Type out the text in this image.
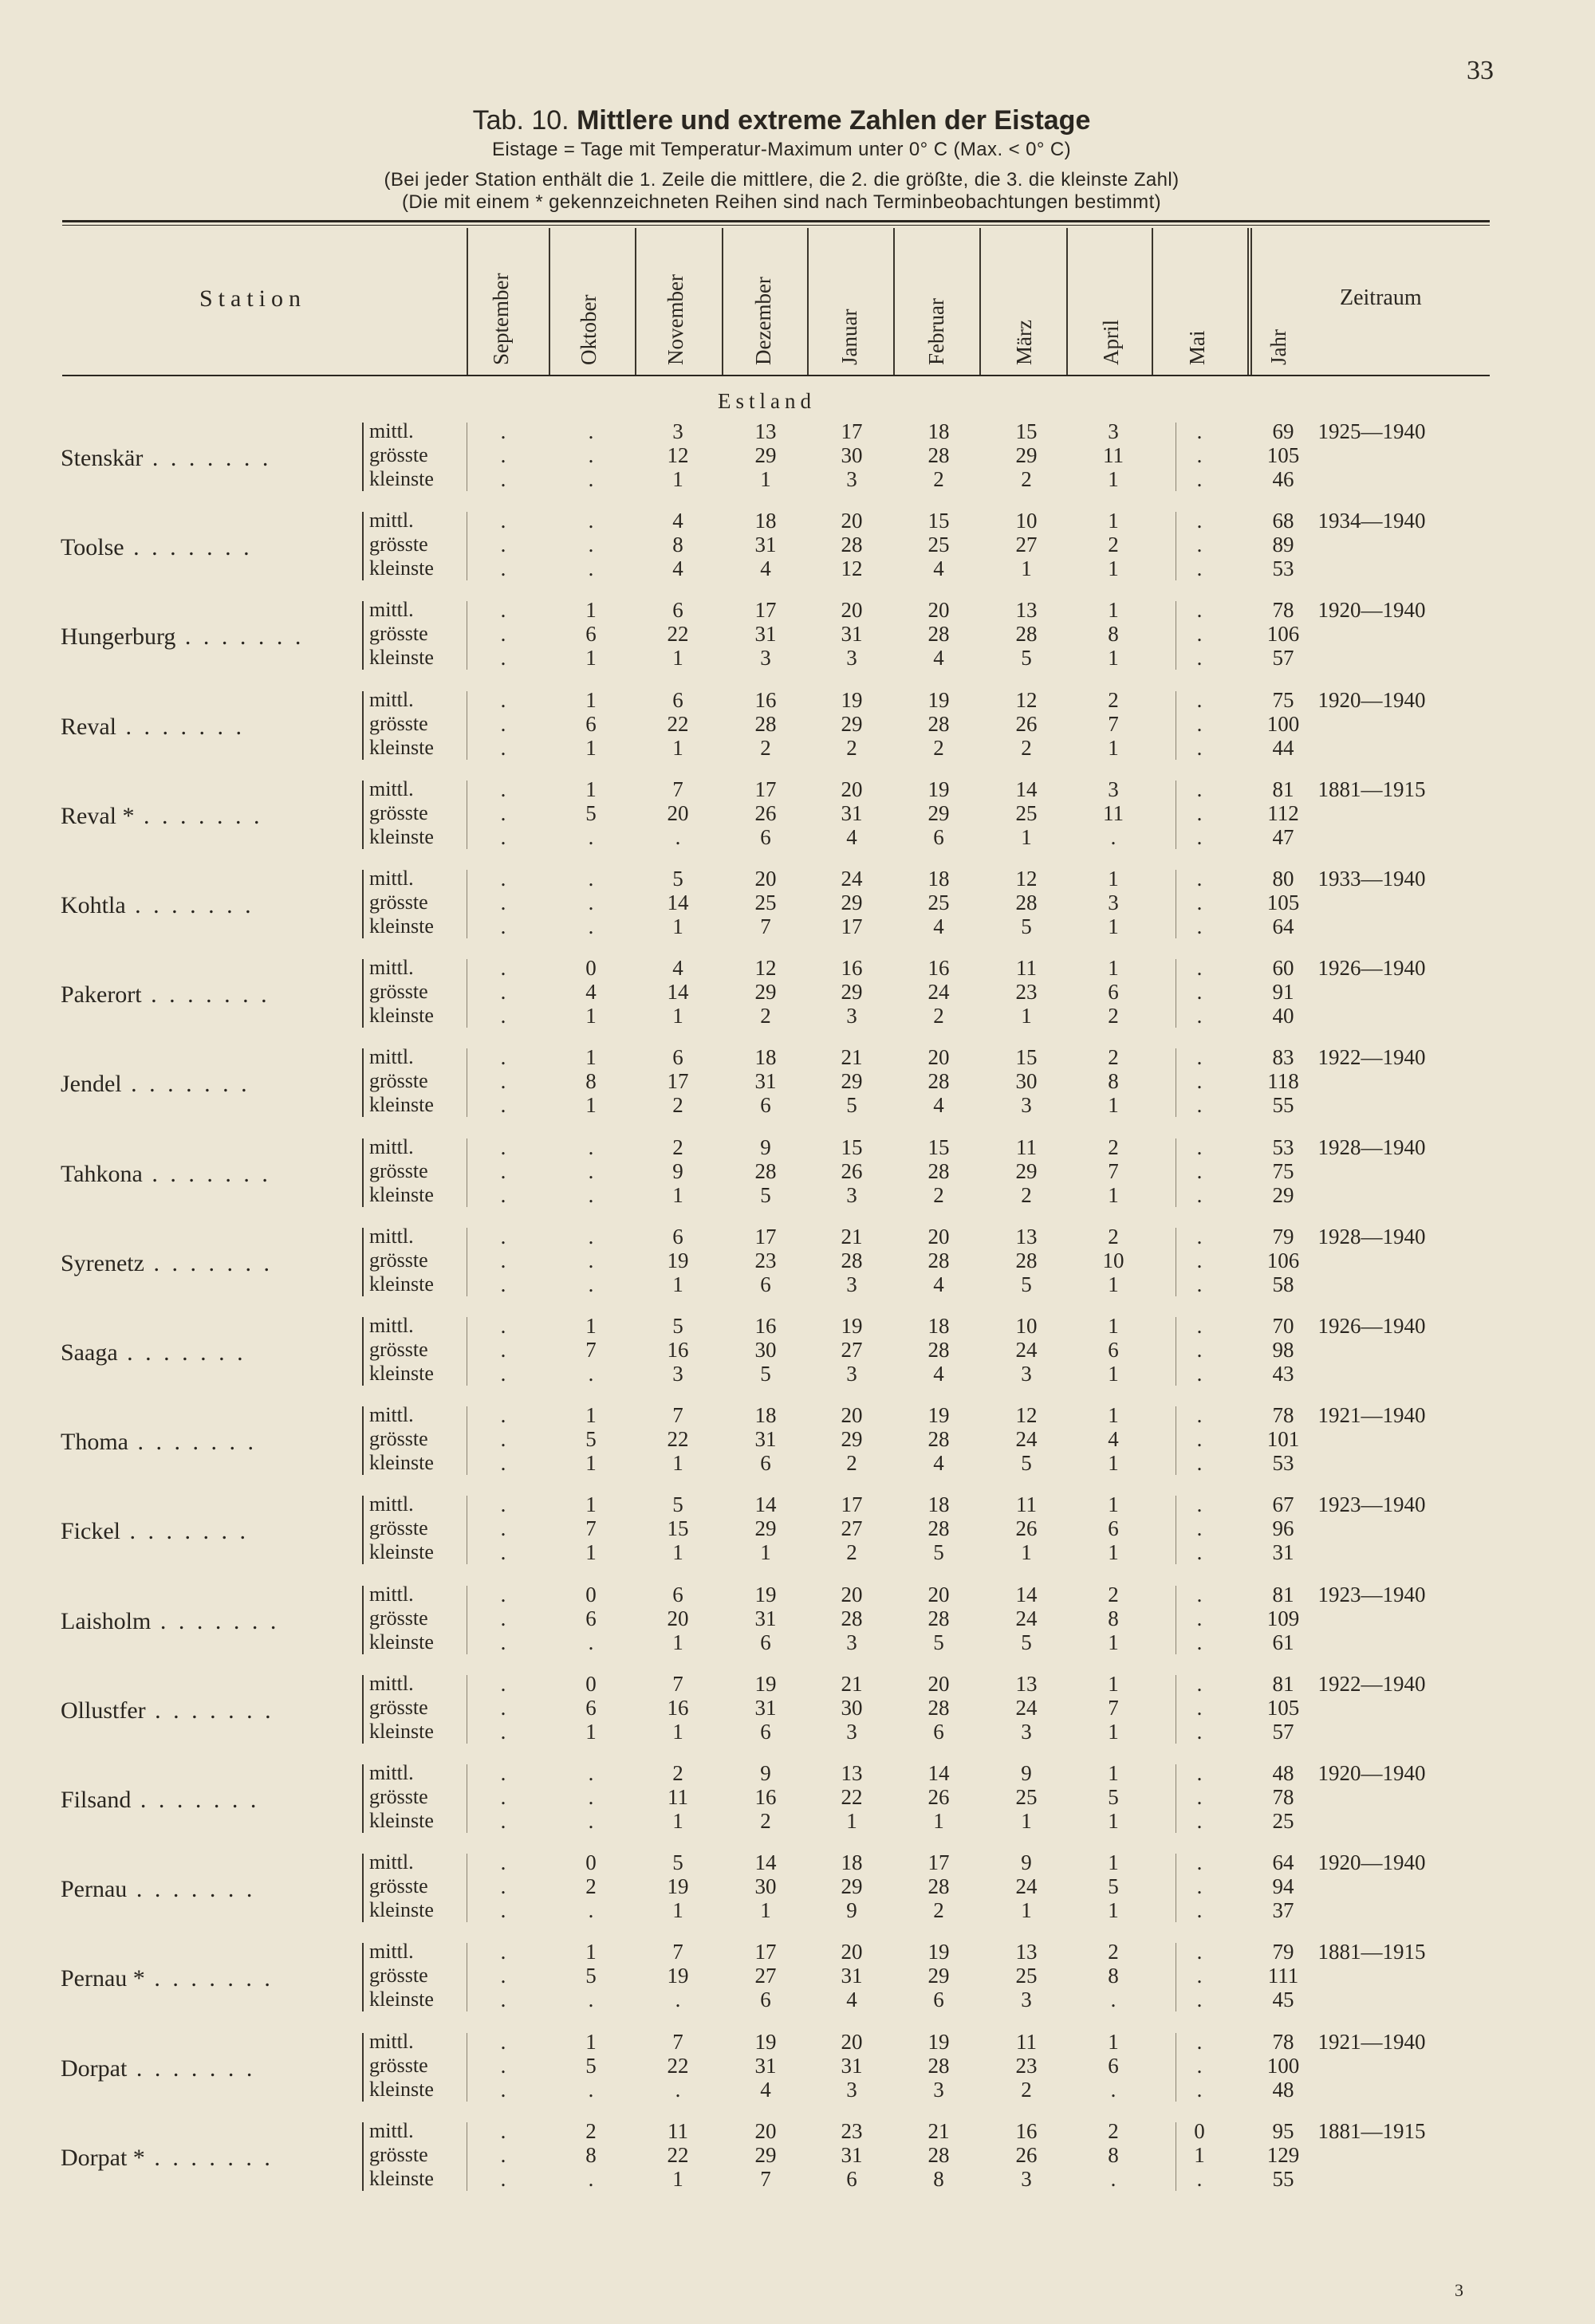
33
Tab. 10. Mittlere und extreme Zahlen der Eistage
Eistage = Tage mit Temperatur-Maximum unter 0° C (Max. < 0° C)
(Bei jeder Station enthält die 1. Zeile die mittlere, die 2. die größte, die 3. die kleinste Zahl)
(Die mit einem * gekennzeichneten Reihen sind nach Terminbeobachtungen bestimmt)
Station	Zeitraum
September	Oktober	November	Dezember	Januar	Februar	März	April	Mai	Jahr
Estland
Stenskär . . . . . . .
1925—1940
mittl.	.	.	3	13	17	18	15	3	.	69
grösste	.	.	12	29	30	28	29	11	.	105
kleinste	.	.	1	1	3	2	2	1	.	46
Toolse . . . . . . .
1934—1940
mittl.	.	.	4	18	20	15	10	1	.	68
grösste	.	.	8	31	28	25	27	2	.	89
kleinste	.	.	4	4	12	4	1	1	.	53
Hungerburg . . . . . . .
1920—1940
mittl.	.	1	6	17	20	20	13	1	.	78
grösste	.	6	22	31	31	28	28	8	.	106
kleinste	.	1	1	3	3	4	5	1	.	57
Reval . . . . . . .
1920—1940
mittl.	.	1	6	16	19	19	12	2	.	75
grösste	.	6	22	28	29	28	26	7	.	100
kleinste	.	1	1	2	2	2	2	1	.	44
Reval * . . . . . . .
1881—1915
mittl.	.	1	7	17	20	19	14	3	.	81
grösste	.	5	20	26	31	29	25	11	.	112
kleinste	.	.	.	6	4	6	1	.	.	47
Kohtla . . . . . . .
1933—1940
mittl.	.	.	5	20	24	18	12	1	.	80
grösste	.	.	14	25	29	25	28	3	.	105
kleinste	.	.	1	7	17	4	5	1	.	64
Pakerort . . . . . . .
1926—1940
mittl.	.	0	4	12	16	16	11	1	.	60
grösste	.	4	14	29	29	24	23	6	.	91
kleinste	.	1	1	2	3	2	1	2	.	40
Jendel . . . . . . .
1922—1940
mittl.	.	1	6	18	21	20	15	2	.	83
grösste	.	8	17	31	29	28	30	8	.	118
kleinste	.	1	2	6	5	4	3	1	.	55
Tahkona . . . . . . .
1928—1940
mittl.	.	.	2	9	15	15	11	2	.	53
grösste	.	.	9	28	26	28	29	7	.	75
kleinste	.	.	1	5	3	2	2	1	.	29
Syrenetz . . . . . . .
1928—1940
mittl.	.	.	6	17	21	20	13	2	.	79
grösste	.	.	19	23	28	28	28	10	.	106
kleinste	.	.	1	6	3	4	5	1	.	58
Saaga . . . . . . .
1926—1940
mittl.	.	1	5	16	19	18	10	1	.	70
grösste	.	7	16	30	27	28	24	6	.	98
kleinste	.	.	3	5	3	4	3	1	.	43
Thoma . . . . . . .
1921—1940
mittl.	.	1	7	18	20	19	12	1	.	78
grösste	.	5	22	31	29	28	24	4	.	101
kleinste	.	1	1	6	2	4	5	1	.	53
Fickel . . . . . . .
1923—1940
mittl.	.	1	5	14	17	18	11	1	.	67
grösste	.	7	15	29	27	28	26	6	.	96
kleinste	.	1	1	1	2	5	1	1	.	31
Laisholm . . . . . . .
1923—1940
mittl.	.	0	6	19	20	20	14	2	.	81
grösste	.	6	20	31	28	28	24	8	.	109
kleinste	.	.	1	6	3	5	5	1	.	61
Ollustfer . . . . . . .
1922—1940
mittl.	.	0	7	19	21	20	13	1	.	81
grösste	.	6	16	31	30	28	24	7	.	105
kleinste	.	1	1	6	3	6	3	1	.	57
Filsand . . . . . . .
1920—1940
mittl.	.	.	2	9	13	14	9	1	.	48
grösste	.	.	11	16	22	26	25	5	.	78
kleinste	.	.	1	2	1	1	1	1	.	25
Pernau . . . . . . .
1920—1940
mittl.	.	0	5	14	18	17	9	1	.	64
grösste	.	2	19	30	29	28	24	5	.	94
kleinste	.	.	1	1	9	2	1	1	.	37
Pernau * . . . . . . .
1881—1915
mittl.	.	1	7	17	20	19	13	2	.	79
grösste	.	5	19	27	31	29	25	8	.	111
kleinste	.	.	.	6	4	6	3	.	.	45
Dorpat . . . . . . .
1921—1940
mittl.	.	1	7	19	20	19	11	1	.	78
grösste	.	5	22	31	31	28	23	6	.	100
kleinste	.	.	.	4	3	3	2	.	.	48
Dorpat * . . . . . . .
1881—1915
mittl.	.	2	11	20	23	21	16	2	0	95
grösste	.	8	22	29	31	28	26	8	1	129
kleinste	.	.	1	7	6	8	3	.	.	55
3
